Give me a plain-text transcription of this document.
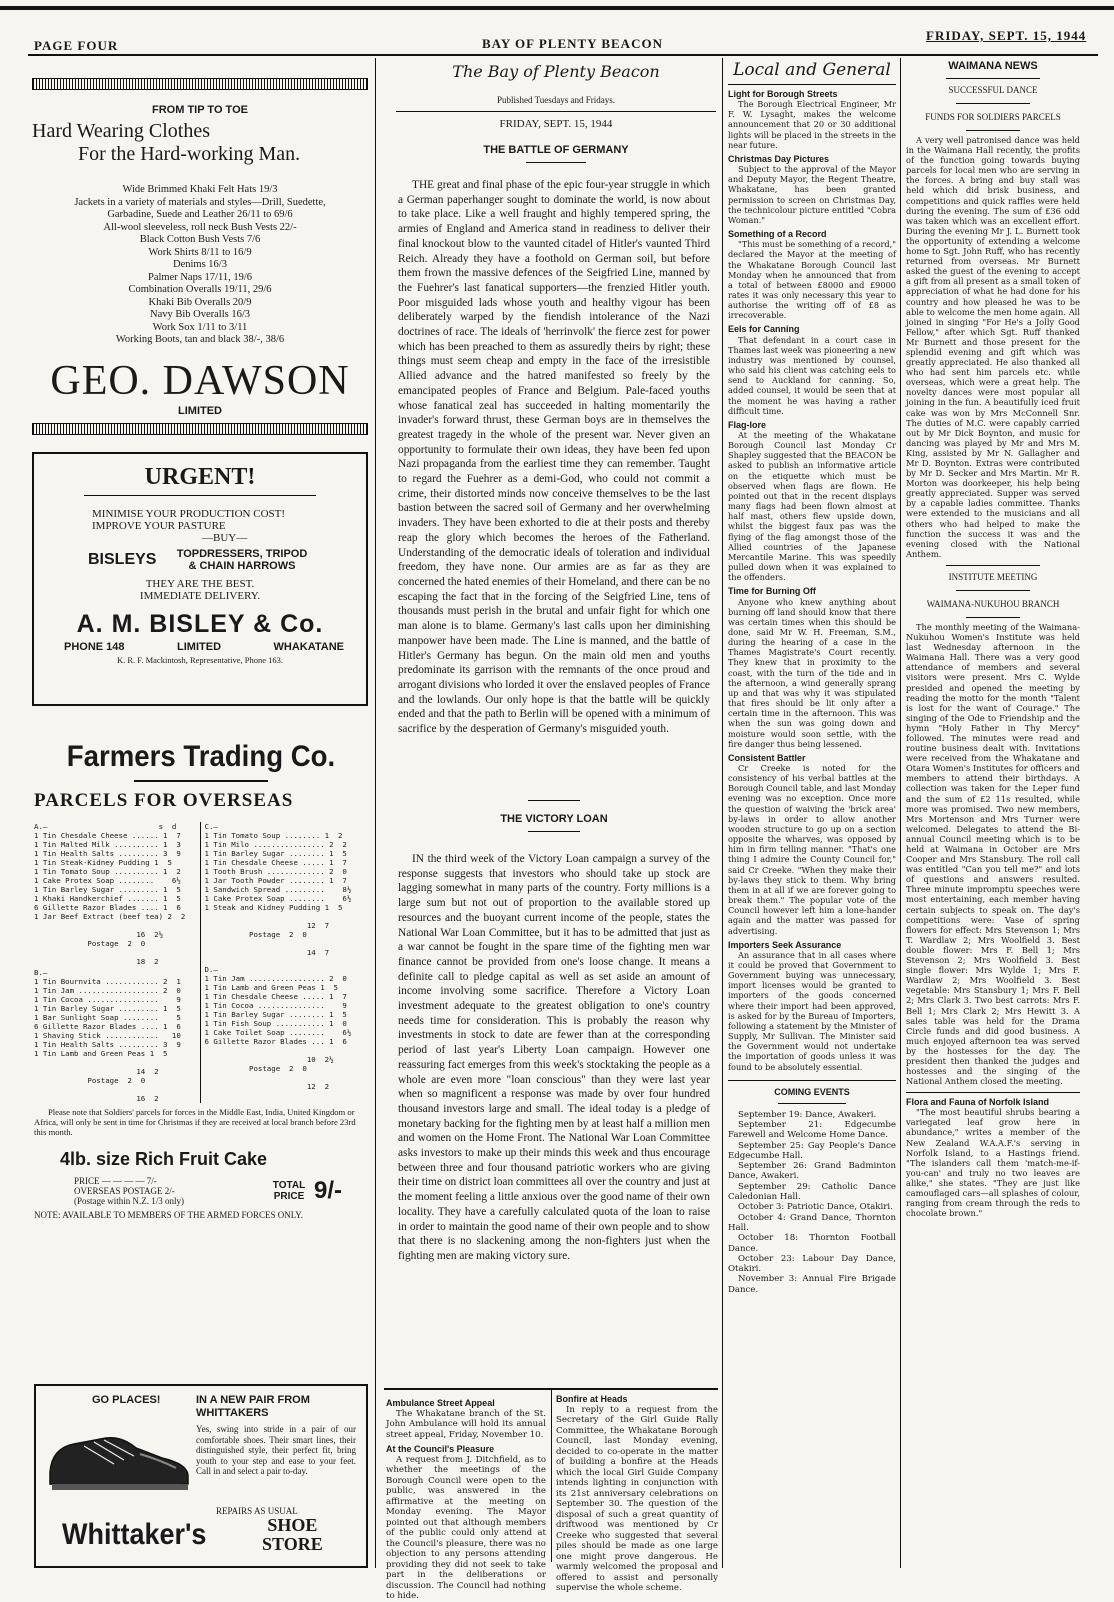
PAGE FOUR	BAY OF PLENTY BEACON
FRIDAY, SEPT. 15, 1944
FROM TIP TO TOE
Hard Wearing Clothes
For the Hard-working Man.
Wide Brimmed Khaki Felt Hats 19/3
Jackets in a variety of materials and styles—Drill, Suedette,
Garbadine, Suede and Leather 26/11 to 69/6
All-wool sleeveless, roll neck Bush Vests 22/-
Black Cotton Bush Vests 7/6
Work Shirts 8/11 to 16/9
Denims 16/3
Palmer Naps 17/11, 19/6
Combination Overalls 19/11, 29/6
Khaki Bib Overalls 20/9
Navy Bib Overalls 16/3
Work Sox 1/11 to 3/11
Working Boots, tan and black 38/-, 38/6
GEO. DAWSON
LIMITED
URGENT!
MINIMISE YOUR PRODUCTION COST!
IMPROVE YOUR PASTURE
—BUY—
BISLEYS	TOPDRESSERS, TRIPOD & CHAIN HARROWS
THEY ARE THE BEST.
IMMEDIATE DELIVERY.
A. M. BISLEY & Co.
PHONE 148	LIMITED	WHAKATANE
K. R. F. Mackintosh, Representative, Phone 163.
Farmers Trading Co.
PARCELS FOR OVERSEAS
A.—                         s  d
1 Tin Chesdale Cheese ...... 1  7
1 Tin Malted Milk .......... 1  3
1 Tin Health Salts ......... 3  9
1 Tin Steak-Kidney Pudding 1  5
1 Tin Tomato Soup .......... 1  2
1 Cake Protex Soap ........    6½
1 Tin Barley Sugar ......... 1  5
1 Khaki Handkerchief ....... 1  5
6 Gillette Razor Blades .... 1  6
1 Jar Beef Extract (beef tea) 2  2

16  2½
Postage  2  0

18  2
B.—
1 Tin Bournvita ............ 2  1
1 Tin Jam .................. 2  0
1 Tin Cocoa ................    9
1 Tin Barley Sugar ......... 1  5
1 Bar Sunlight Soap ........    5
6 Gillette Razor Blades .... 1  6
1 Shaving Stick ............   10
1 Tin Health Salts ......... 3  9
1 Tin Lamb and Green Peas 1  5

14  2
Postage  2  0

16  2
C.—
1 Tin Tomato Soup ........ 1  2
1 Tin Milo ................ 2  2
1 Tin Barley Sugar ........ 1  5
1 Tin Chesdale Cheese ..... 1  7
1 Tooth Brush ............. 2  0
1 Jar Tooth Powder ........ 1  7
1 Sandwich Spread .........    8½
1 Cake Protex Soap ........    6½
1 Steak and Kidney Pudding 1  5

12  7
Postage  2  0

14  7
D.—
1 Tin Jam ................. 2  0
1 Tin Lamb and Green Peas 1  5
1 Tin Chesdale Cheese ..... 1  7
1 Tin Cocoa ...............    9
1 Tin Barley Sugar ........ 1  5
1 Tin Fish Soup ........... 1  0
1 Cake Toilet Soap ........    6½
6 Gillette Razor Blades ... 1  6

10  2½
Postage  2  0

12  2
Please note that Soldiers' parcels for forces in the Middle East, India, United Kingdom or Africa, will only be sent in time for Christmas if they are received at local branch before 23rd this month.
4lb. size Rich Fruit Cake
PRICE — — — — 7/-
OVERSEAS POSTAGE 2/-
(Postage within N.Z. 1/3 only)
TOTAL PRICE 9/-
NOTE: AVAILABLE TO MEMBERS OF THE ARMED FORCES ONLY.
GO PLACES!	IN A NEW PAIR FROM WHITTAKERS
Yes, swing into stride in a pair of our comfortable shoes. Their smart lines, their distinguished style, their perfect fit, bring youth to your step and ease to your feet. Call in and select a pair to-day.
REPAIRS AS USUAL
Whittaker's	SHOE
STORE
The Bay of Plenty Beacon
Published Tuesdays and Fridays.
FRIDAY, SEPT. 15, 1944
THE BATTLE OF GERMANY

THE great and final phase of the epic four-year struggle in which a German paperhanger sought to dominate the world, is now about to take place. Like a well fraught and highly tempered spring, the armies of England and America stand in readiness to deliver their final knockout blow to the vaunted citadel of Hitler's vaunted Third Reich. Already they have a foothold on German soil, but before them frown the massive defences of the Seigfried Line, manned by the Fuehrer's last fanatical supporters—the frenzied Hitler youth. Poor misguided lads whose youth and healthy vigour has been deliberately warped by the fiendish intolerance of the Nazi doctrines of race. The ideals of 'herrinvolk' the fierce zest for power which has been preached to them as assuredly theirs by right; these things must seem cheap and empty in the face of the irresistible Allied advance and the hatred manifested so freely by the emancipated peoples of France and Belgium. Pale-faced youths whose fanatical zeal has succeeded in halting momentarily the invader's forward thrust, these German boys are in themselves the greatest tragedy in the whole of the present war. Never given an opportunity to formulate their own ideas, they have been fed upon Nazi propaganda from the earliest time they can remember. Taught to regard the Fuehrer as a demi-God, who could not commit a crime, their distorted minds now conceive themselves to be the last bastion between the sacred soil of Germany and her overwhelming invaders. They have been exhorted to die at their posts and thereby reap the glory which becomes the heroes of the Fatherland. Understanding of the democratic ideals of toleration and individual freedom, they have none. Our armies are as far as they are concerned the hated enemies of their Homeland, and there can be no escaping the fact that in the forcing of the Seigfried Line, tens of thousands must perish in the brutal and unfair fight for which one man alone is to blame. Germany's last calls upon her diminishing manpower have been made. The Line is manned, and the battle of Hitler's Germany has begun. On the main old men and youths predominate its garrison with the remnants of the once proud and arrogant divisions who lorded it over the enslaved peoples of France and the lowlands. Our only hope is that the battle will be quickly ended and that the path to Berlin will be opened with a minimum of sacrifice by the desperation of Germany's misguided youth.

THE VICTORY LOAN

IN the third week of the Victory Loan campaign a survey of the response suggests that investors who should take up stock are lagging somewhat in many parts of the country. Forty millions is a large sum but not out of proportion to the available stored up resources and the buoyant current income of the people, states the National War Loan Committee, but it has to be admitted that just as a war cannot be fought in the spare time of the fighting men war finance cannot be provided from one's loose change. It means a definite call to pledge capital as well as set aside an amount of income involving some sacrifice. Therefore a Victory Loan investment adequate to the greatest obligation to one's country needs time for consideration. This is probably the reason why investments in stock to date are fewer than at the corresponding period of last year's Liberty Loan campaign. However one reassuring fact emerges from this week's stocktaking the people as a whole are even more "loan conscious" than they were last year when so magnificent a response was made by over four hundred thousand investors large and small. The ideal today is a pledge of monetary backing for the fighting men by at least half a million men and women on the Home Front. The National War Loan Committee asks investors to make up their minds this week and thus encourage between three and four thousand patriotic workers who are giving their time on district loan committees all over the country and just at the moment feeling a little anxious over the good name of their own locality. They have a carefully calculated quota of the loan to raise in order to maintain the good name of their own people and to show that there is no slackening among the non-fighters just when the fighting men are making victory sure.

Ambulance Street Appeal

The Whakatane branch of the St. John Ambulance will hold its annual street appeal, Friday, November 10.

At the Council's Pleasure

A request from J. Ditchfield, as to whether the meetings of the Borough Council were open to the public, was answered in the affirmative at the meeting on Monday evening. The Mayor pointed out that although members of the public could only attend at the Council's pleasure, there was no objection to any persons attending providing they did not seek to take part in the deliberations or discussion. The Council had nothing to hide.

Bonfire at Heads

In reply to a request from the Secretary of the Girl Guide Rally Committee, the Whakatane Borough Council, last Monday evening, decided to co-operate in the matter of building a bonfire at the Heads which the local Girl Guide Company intends lighting in conjunction with its 21st anniversary celebrations on September 30. The question of the disposal of such a great quantity of driftwood was mentioned by Cr Creeke who suggested that several piles should be made as one large one might prove dangerous. He warmly welcomed the proposal and offered to assist and personally supervise the whole scheme.

Local and General
Light for Borough Streets

The Borough Electrical Engineer, Mr F. W. Lysaght, makes the welcome announcement that 20 or 30 additional lights will be placed in the streets in the near future.

Christmas Day Pictures

Subject to the approval of the Mayor and Deputy Mayor, the Regent Theatre, Whakatane, has been granted permission to screen on Christmas Day, the technicolour picture entitled "Cobra Woman."

Something of a Record

"This must be something of a record," declared the Mayor at the meeting of the Whakatane Borough Council last Monday when he announced that from a total of between £8000 and £9000 rates it was only necessary this year to authorise the writing off of £8 as irrecoverable.

Eels for Canning

That defendant in a court case in Thames last week was pioneering a new industry was mentioned by counsel, who said his client was catching eels to send to Auckland for canning. So, added counsel, it would be seen that at the moment he was having a rather difficult time.

Flag-lore

At the meeting of the Whakatane Borough Council last Monday Cr Shapley suggested that the BEACON be asked to publish an informative article on the etiquette which must be observed when flags are flown. He pointed out that in the recent displays many flags had been flown almost at half mast, others flew upside down, whilst the biggest faux pas was the flying of the flag amongst those of the Allied countries of the Japanese Mercantile Marine. This was speedily pulled down when it was explained to the offenders.

Time for Burning Off

Anyone who knew anything about burning off land should know that there was certain times when this should be done, said Mr W. H. Freeman, S.M., during the hearing of a case in the Thames Magistrate's Court recently. They knew that in proximity to the coast, with the turn of the tide and in the afternoon, a wind generally sprang up and that was why it was stipulated that fires should be lit only after a certain time in the afternoon. This was when the sun was going down and moisture would soon settle, with the fire danger thus being lessened.

Consistent Battler

Cr Creeke is noted for the consistency of his verbal battles at the Borough Council table, and last Monday evening was no exception. Once more the question of waiving the 'brick area' by-laws in order to allow another wooden structure to go up on a section opposite the wharves, was opposed by him in firm telling manner. "That's one thing I admire the County Council for," said Cr Creeke. "When they make their by-laws they stick to them. Why bring them in at all if we are forever going to break them." The popular vote of the Council however left him a lone-hander again and the matter was passed for advertising.

Importers Seek Assurance

An assurance that in all cases where it could be proved that Government to Government buying was unnecessary, import licenses would be granted to importers of the goods concerned where their import had been approved, is asked for by the Bureau of Importers, following a statement by the Minister of Supply, Mr Sullivan. The Minister said the Government would not undertake the importation of goods unless it was found to be absolutely essential.

COMING EVENTS

September 19: Dance, Awakeri.

September 21: Edgecumbe Farewell and Welcome Home Dance.

September 25: Gay People's Dance Edgecumbe Hall.

September 26: Grand Badminton Dance, Awakeri.

September 29: Catholic Dance Caledonian Hall.

October 3: Patriotic Dance, Otakiri.

October 4: Grand Dance, Thornton Hall.

October 18: Thornton Football Dance.

October 23: Labour Day Dance, Otakiri.

November 3: Annual Fire Brigade Dance.

WAIMANA NEWS
SUCCESSFUL DANCE
FUNDS FOR SOLDIERS PARCELS

A very well patronised dance was held in the Waimana Hall recently, the profits of the function going towards buying parcels for local men who are serving in the forces. A bring and buy stall was held which did brisk business, and competitions and quick raffles were held during the evening. The sum of £36 odd was taken which was an excellent effort. During the evening Mr J. L. Burnett took the opportunity of extending a welcome home to Sgt. John Ruff, who has recently returned from overseas. Mr Burnett asked the guest of the evening to accept a gift from all present as a small token of appreciation of what he had done for his country and how pleased he was to be able to welcome the men home again. All joined in singing "For He's a Jolly Good Fellow," after which Sgt. Ruff thanked Mr Burnett and those present for the splendid evening and gift which was greatly appreciated. He also thanked all who had sent him parcels etc. while overseas, which were a great help. The novelty dances were most popular all joining in the fun. A beautifully iced fruit cake was won by Mrs McConnell Snr. The duties of M.C. were capably carried out by Mr Dick Boynton, and music for dancing was played by Mr and Mrs M. King, assisted by Mr N. Gallagher and Mr D. Boynton. Extras were contributed by Mr D. Secker and Mrs Martin. Mr R. Morton was doorkeeper, his help being greatly appreciated. Supper was served by a capable ladies committee. Thanks were extended to the musicians and all others who had helped to make the function the success it was and the evening closed with the National Anthem.

INSTITUTE MEETING
WAIMANA-NUKUHOU BRANCH

The monthly meeting of the Waimana-Nukuhou Women's Institute was held last Wednesday afternoon in the Waimana Hall. There was a very good attendance of members and several visitors were present. Mrs C. Wylde presided and opened the meeting by reading the motto for the month "Talent is lost for the want of Courage." The singing of the Ode to Friendship and the hymn "Holy Father in Thy Mercy" followed. The minutes were read and routine business dealt with. Invitations were received from the Whakatane and Otara Women's Institutes for officers and members to attend their birthdays. A collection was taken for the Leper fund and the sum of £2 11s resulted, while more was promised. Two new members, Mrs Mortenson and Mrs Turner were welcomed. Delegates to attend the Bi-annual Council meeting which is to be held at Waimana in October are Mrs Cooper and Mrs Stansbury. The roll call was entitled "Can you tell me?" and lots of questions and answers resulted. Three minute impromptu speeches were most entertaining, each member having certain subjects to speak on. The day's competitions were: Vase of spring flowers for effect: Mrs Stevenson 1; Mrs T. Wardlaw 2; Mrs Woolfield 3. Best double flower: Mrs F. Bell 1; Mrs Stevenson 2; Mrs Woolfield 3. Best single flower: Mrs Wylde 1; Mrs F. Wardlaw 2; Mrs Woolfield 3. Best vegetable: Mrs Stansbury 1; Mrs F. Bell 2; Mrs Clark 3. Two best carrots: Mrs F. Bell 1; Mrs Clark 2; Mrs Hewitt 3. A sales table was held for the Drama Circle funds and did good business. A much enjoyed afternoon tea was served by the hostesses for the day. The president then thanked the judges and hostesses and the singing of the National Anthem closed the meeting.

Flora and Fauna of Norfolk Island

"The most beautiful shrubs bearing a variegated leaf grow here in abundance," writes a member of the New Zealand W.A.A.F.'s serving in Norfolk Island, to a Hastings friend. "The islanders call them 'match-me-if-you-can' and truly no two leaves are alike," she states. "They are just like camouflaged cars—all splashes of colour, ranging from cream through the reds to chocolate brown."
